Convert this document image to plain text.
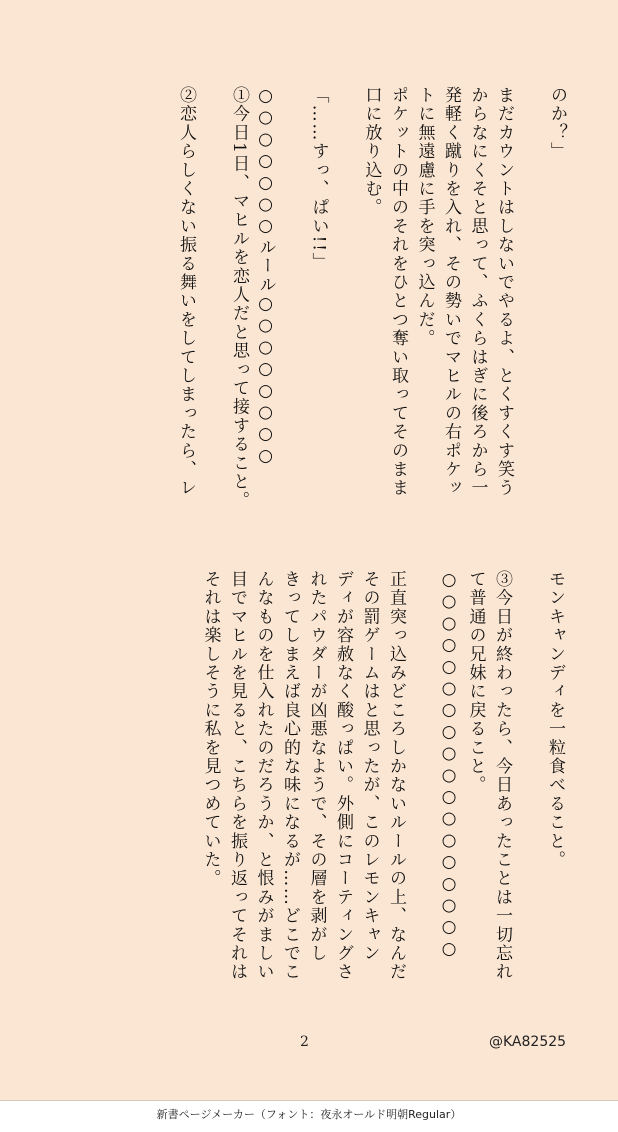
のか？」

まだカウントはしないでやるよ、とくすくす笑う
からなにくそと思って、ふくらはぎに後ろから一
発軽く蹴りを入れ、その勢いでマヒルの右ポケッ
トに無遠慮に手を突っ込んだ。
ポケットの中のそれをひとつ奪い取ってそのまま
口に放り込む。

「……すっ、ぱい!!」

○○○○○○○ルール○○○○○○○○
①今日1日、マヒルを恋人だと思って接すること。

②恋人らしくない振る舞いをしてしまったら、レ
モンキャンディを一粒食べること。

③今日が終わったら、今日あったことは一切忘れ
て普通の兄妹に戻ること。
○○○○○○○○○○○○○○○○○○

正直突っ込みどころしかないルールの上、なんだ
その罰ゲームはと思ったが、このレモンキャン
ディが容赦なく酸っぱい。外側にコーティングさ
れたパウダーが凶悪なようで、その層を剥がし
きってしまえば良心的な味になるが……どこでこ
んなものを仕入れたのだろうか、と恨みがましい
目でマヒルを見ると、こちらを振り返ってそれは
それは楽しそうに私を見つめていた。
2	@KA82525
新書ページメーカー（フォント：夜永オールド明朝Regular）
